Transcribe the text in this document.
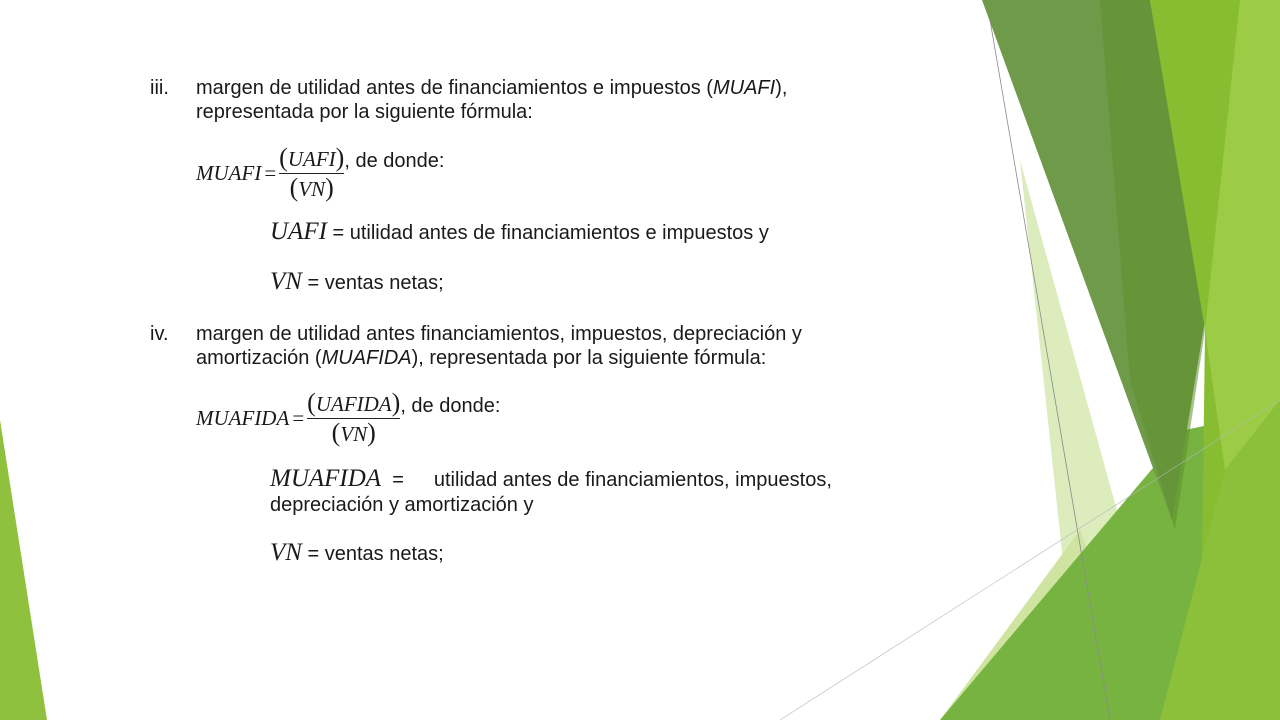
iii. margen de utilidad antes de financiamientos e impuestos (MUAFI),
representada por la siguiente fórmula:
MUAFI =
(UAFI)
(VN)
, de donde:
UAFI = utilidad antes de financiamientos e impuestos y
VN = ventas netas;
iv. margen de utilidad antes financiamientos, impuestos, depreciación y
amortización (MUAFIDA), representada por la siguiente fórmula:
MUAFIDA =
(UAFIDA)
(VN)
, de donde:
MUAFIDA  = utilidad antes de financiamientos, impuestos,
depreciación y amortización y
VN = ventas netas;
